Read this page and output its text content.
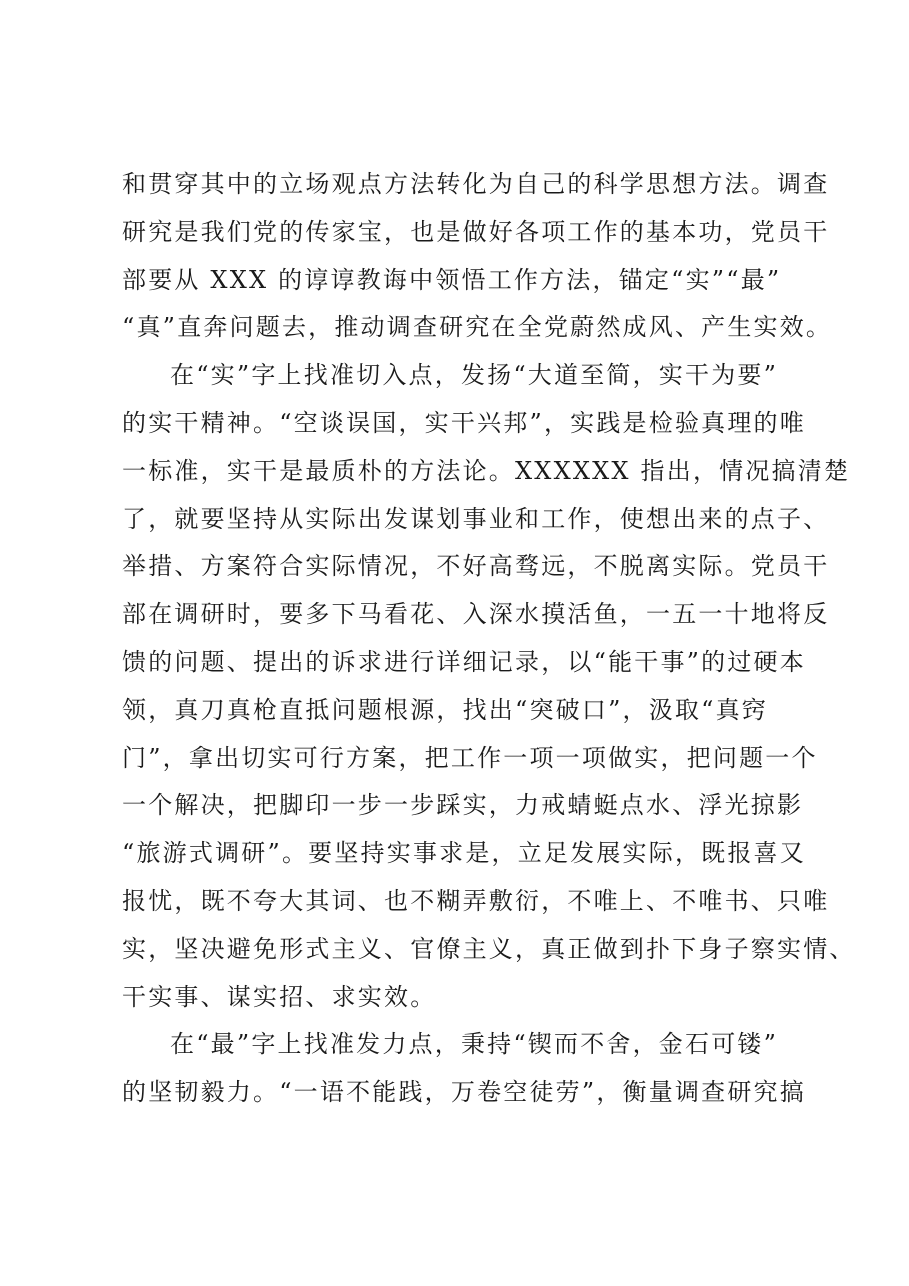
和贯穿其中的立场观点方法转化为自己的科学思想方法。调查
研究是我们党的传家宝，也是做好各项工作的基本功，党员干
部要从 XXX 的谆谆教诲中领悟工作方法，锚定“实”“最”
“真”直奔问题去，推动调查研究在全党蔚然成风、产生实效。
在“实”字上找准切入点，发扬“大道至简，实干为要”
的实干精神。“空谈误国，实干兴邦”，实践是检验真理的唯
一标准，实干是最质朴的方法论。XXXXXX 指出，情况搞清楚
了，就要坚持从实际出发谋划事业和工作，使想出来的点子、
举措、方案符合实际情况，不好高骛远，不脱离实际。党员干
部在调研时，要多下马看花、入深水摸活鱼，一五一十地将反
馈的问题、提出的诉求进行详细记录，以“能干事”的过硬本
领，真刀真枪直抵问题根源，找出“突破口”，汲取“真窍
门”，拿出切实可行方案，把工作一项一项做实，把问题一个
一个解决，把脚印一步一步踩实，力戒蜻蜓点水、浮光掠影
“旅游式调研”。要坚持实事求是，立足发展实际，既报喜又
报忧，既不夸大其词、也不糊弄敷衍，不唯上、不唯书、只唯
实，坚决避免形式主义、官僚主义，真正做到扑下身子察实情、
干实事、谋实招、求实效。
在“最”字上找准发力点，秉持“锲而不舍，金石可镂”
的坚韧毅力。“一语不能践，万卷空徒劳”，衡量调查研究搞
